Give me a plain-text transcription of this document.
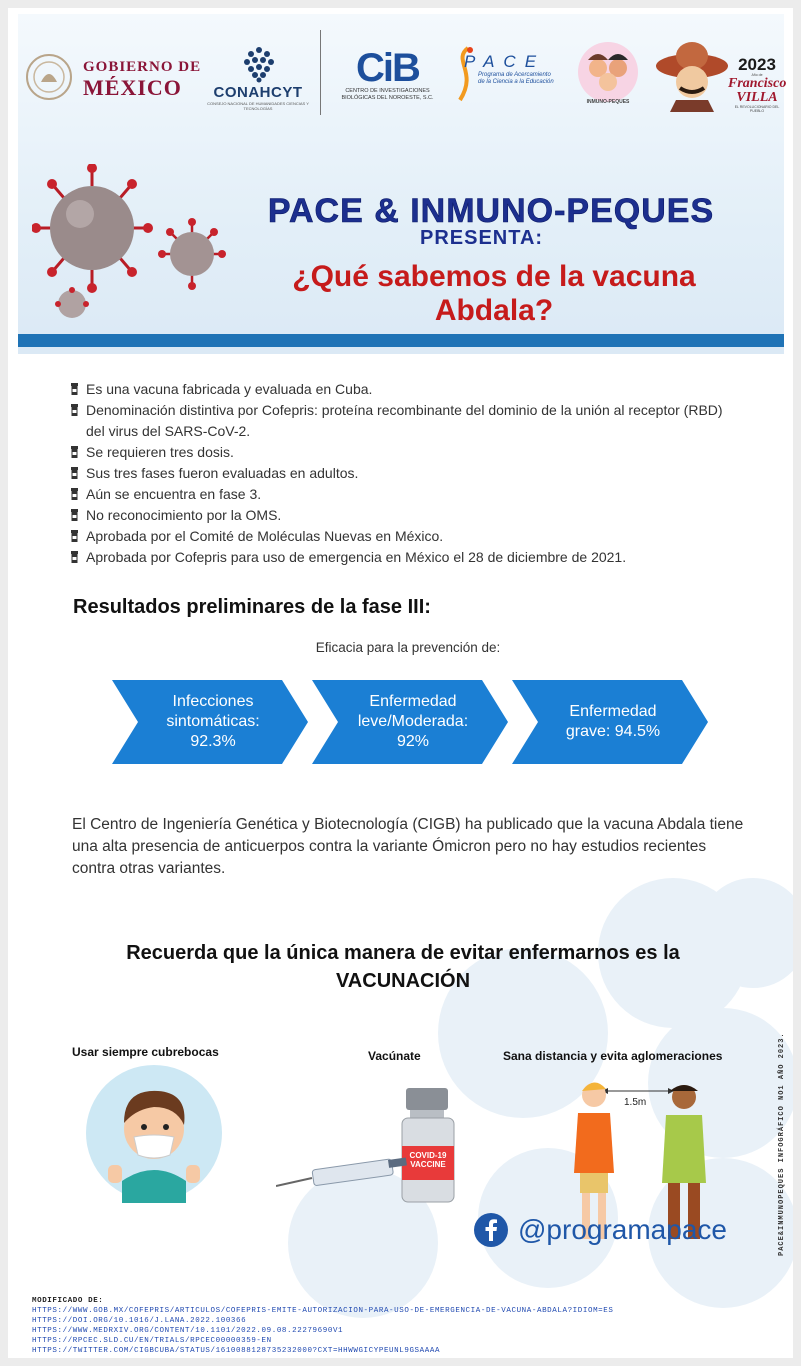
GOBIERNO DE
MÉXICO	CONAHCYT
CONSEJO NACIONAL DE HUMANIDADES CIENCIAS Y TECNOLOGÍAS
CiB
CENTRO DE INVESTIGACIONES
BIOLÓGICAS DEL NOROESTE, S.C.
PACE
Programa de Acercamiento
de la Ciencia a la Educación
INMUNO-PEQUES
2023
Año de
Francisco
VILLA
EL REVOLUCIONARIO DEL PUEBLO
PACE & INMUNO-PEQUES
PRESENTA:
¿Qué sabemos de la vacuna Abdala?
Es una vacuna fabricada y evaluada en Cuba.
Denominación distintiva por Cofepris: proteína recombinante del dominio de la unión al receptor (RBD) del virus del SARS-CoV-2.
Se requieren tres dosis.
Sus tres fases fueron evaluadas en adultos.
Aún se encuentra en fase 3.
No reconocimiento por la OMS.
Aprobada por el Comité de Moléculas Nuevas en México.
Aprobada por Cofepris para uso de emergencia en México el 28 de diciembre de 2021.
Resultados preliminares de la fase III:
Eficacia para la prevención de:
Infecciones
sintomáticas:
92.3%
Enfermedad
leve/Moderada:
92%
Enfermedad
grave: 94.5%

El Centro de Ingeniería Genética y Biotecnología (CIGB) ha publicado que la vacuna Abdala tiene una alta presencia de anticuerpos contra la variante Ómicron pero no hay estudios recientes contra otras variantes.

Recuerda que la única manera de evitar enfermarnos es la
VACUNACIÓN
Usar siempre cubrebocas	Vacúnate	Sana distancia y evita aglomeraciones
COVID-19
VACCINE
1.5m
@programapace	PACE&INMUNOPEQUES INFOGRÁFICO NO1 AÑO 2023.
MODIFICADO DE:
HTTPS://WWW.GOB.MX/COFEPRIS/ARTICULOS/COFEPRIS-EMITE-AUTORIZACION-PARA-USO-DE-EMERGENCIA-DE-VACUNA-ABDALA?IDIOM=ES
HTTPS://DOI.ORG/10.1016/J.LANA.2022.100366
HTTPS://WWW.MEDRXIV.ORG/CONTENT/10.1101/2022.09.08.22279690V1
HTTPS://RPCEC.SLD.CU/EN/TRIALS/RPCEC00000359-EN
HTTPS://TWITTER.COM/CIGBCUBA/STATUS/1610088128735232000?CXT=HHWWGICYPEUNL9GSAAAA
